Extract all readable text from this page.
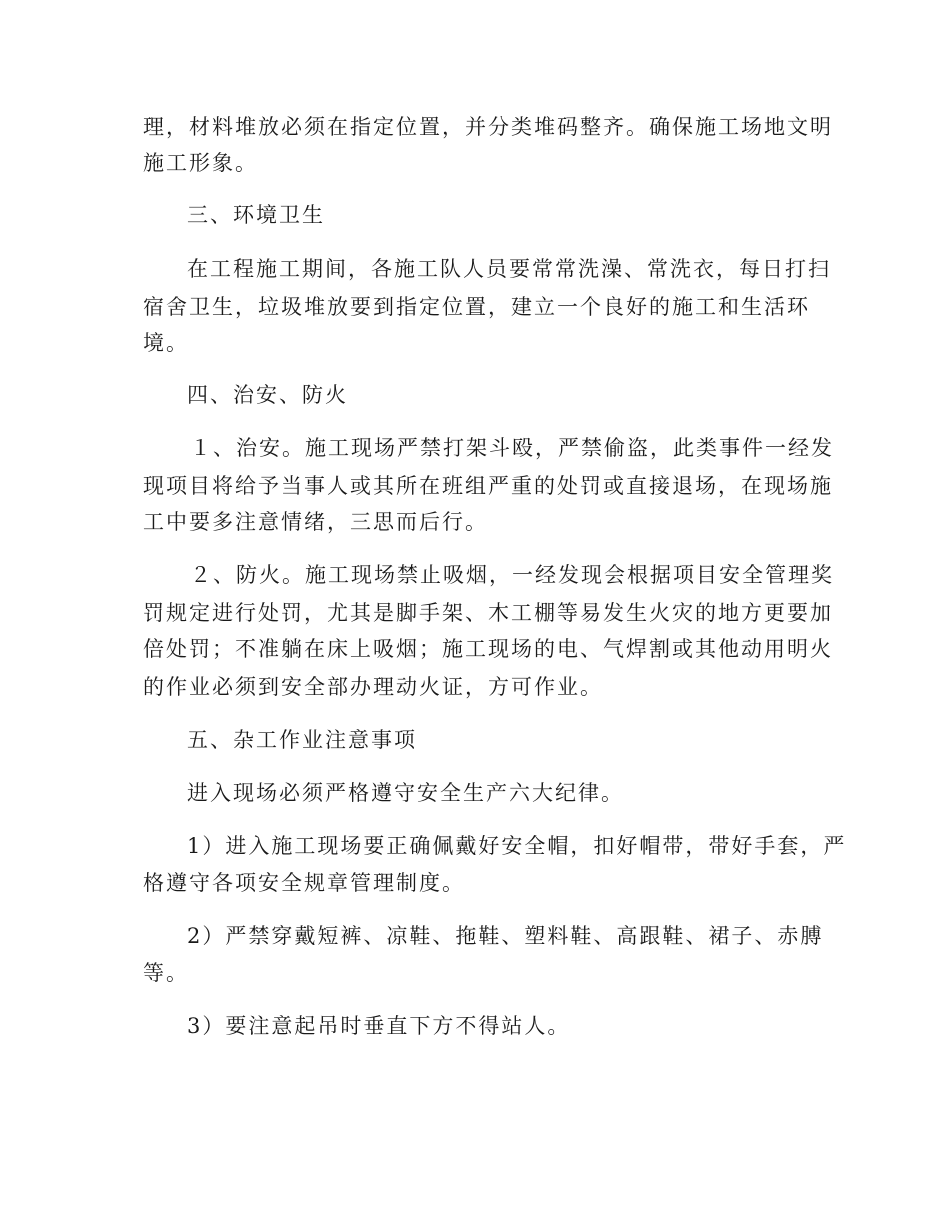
理，材料堆放必须在指定位置，并分类堆码整齐。确保施工场地文明
施工形象。
三、环境卫生
在工程施工期间，各施工队人员要常常洗澡、常洗衣，每日打扫
宿舍卫生，垃圾堆放要到指定位置，建立一个良好的施工和生活环
境。
四、治安、防火
１、治安。施工现场严禁打架斗殴，严禁偷盗，此类事件一经发
现项目将给予当事人或其所在班组严重的处罚或直接退场，在现场施
工中要多注意情绪，三思而后行。
２、防火。施工现场禁止吸烟，一经发现会根据项目安全管理奖
罚规定进行处罚，尤其是脚手架、木工棚等易发生火灾的地方更要加
倍处罚；不准躺在床上吸烟；施工现场的电、气焊割或其他动用明火
的作业必须到安全部办理动火证，方可作业。
五、杂工作业注意事项
进入现场必须严格遵守安全生产六大纪律。
1）进入施工现场要正确佩戴好安全帽，扣好帽带，带好手套，严
格遵守各项安全规章管理制度。
2）严禁穿戴短裤、凉鞋、拖鞋、塑料鞋、高跟鞋、裙子、赤膊
等。
3）要注意起吊时垂直下方不得站人。
